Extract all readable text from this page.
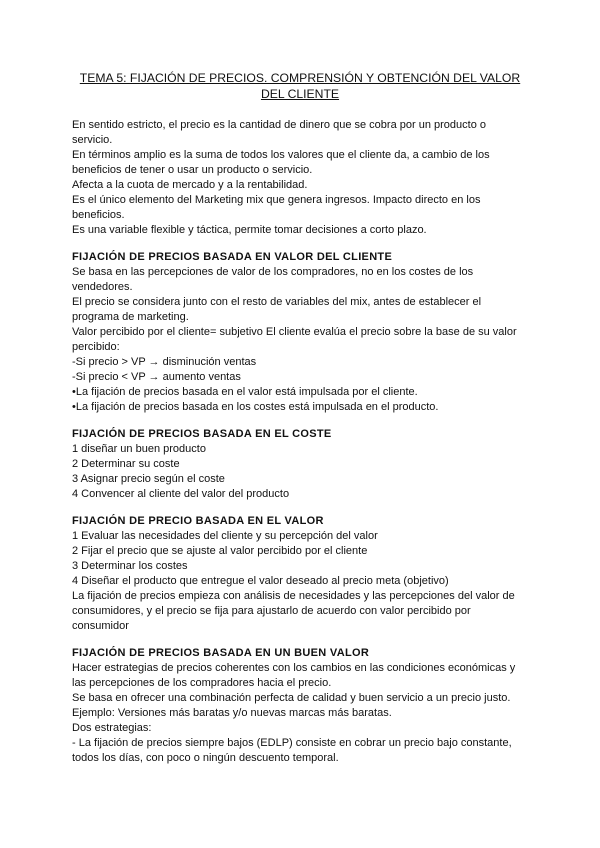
TEMA 5: FIJACIÓN DE PRECIOS. COMPRENSIÓN Y OBTENCIÓN DEL VALOR
DEL CLIENTE
En sentido estricto, el precio es la cantidad de dinero que se cobra por un producto o
servicio.
En términos amplio es la suma de todos los valores que el cliente da, a cambio de los
beneficios de tener o usar un producto o servicio.
Afecta a la cuota de mercado y a la rentabilidad.
Es el único elemento del Marketing mix que genera ingresos. Impacto directo en los
beneficios.
Es una variable flexible y táctica, permite tomar decisiones a corto plazo.
FIJACIÓN DE PRECIOS BASADA EN VALOR DEL CLIENTE
Se basa en las percepciones de valor de los compradores, no en los costes de los
vendedores.
El precio se considera junto con el resto de variables del mix, antes de establecer el
programa de marketing.
Valor percibido por el cliente= subjetivo El cliente evalúa el precio sobre la base de su valor
percibido:
-Si precio > VP → disminución ventas
-Si precio < VP → aumento ventas
•La fijación de precios basada en el valor está impulsada por el cliente.
•La fijación de precios basada en los costes está impulsada en el producto.
FIJACIÓN DE PRECIOS BASADA EN EL COSTE
1 diseñar un buen producto
2 Determinar su coste
3 Asignar precio según el coste
4 Convencer al cliente del valor del producto
FIJACIÓN DE PRECIO BASADA EN EL VALOR
1 Evaluar las necesidades del cliente y su percepción del valor
2 Fijar el precio que se ajuste al valor percibido por el cliente
3 Determinar los costes
4 Diseñar el producto que entregue el valor deseado al precio meta (objetivo)
La fijación de precios empieza con análisis de necesidades y las percepciones del valor de
consumidores, y el precio se fija para ajustarlo de acuerdo con valor percibido por
consumidor
FIJACIÓN DE PRECIOS BASADA EN UN BUEN VALOR
Hacer estrategias de precios coherentes con los cambios en las condiciones económicas y
las percepciones de los compradores hacia el precio.
Se basa en ofrecer una combinación perfecta de calidad y buen servicio a un precio justo.
Ejemplo: Versiones más baratas y/o nuevas marcas más baratas.
Dos estrategias:
- La fijación de precios siempre bajos (EDLP) consiste en cobrar un precio bajo constante,
todos los días, con poco o ningún descuento temporal.
